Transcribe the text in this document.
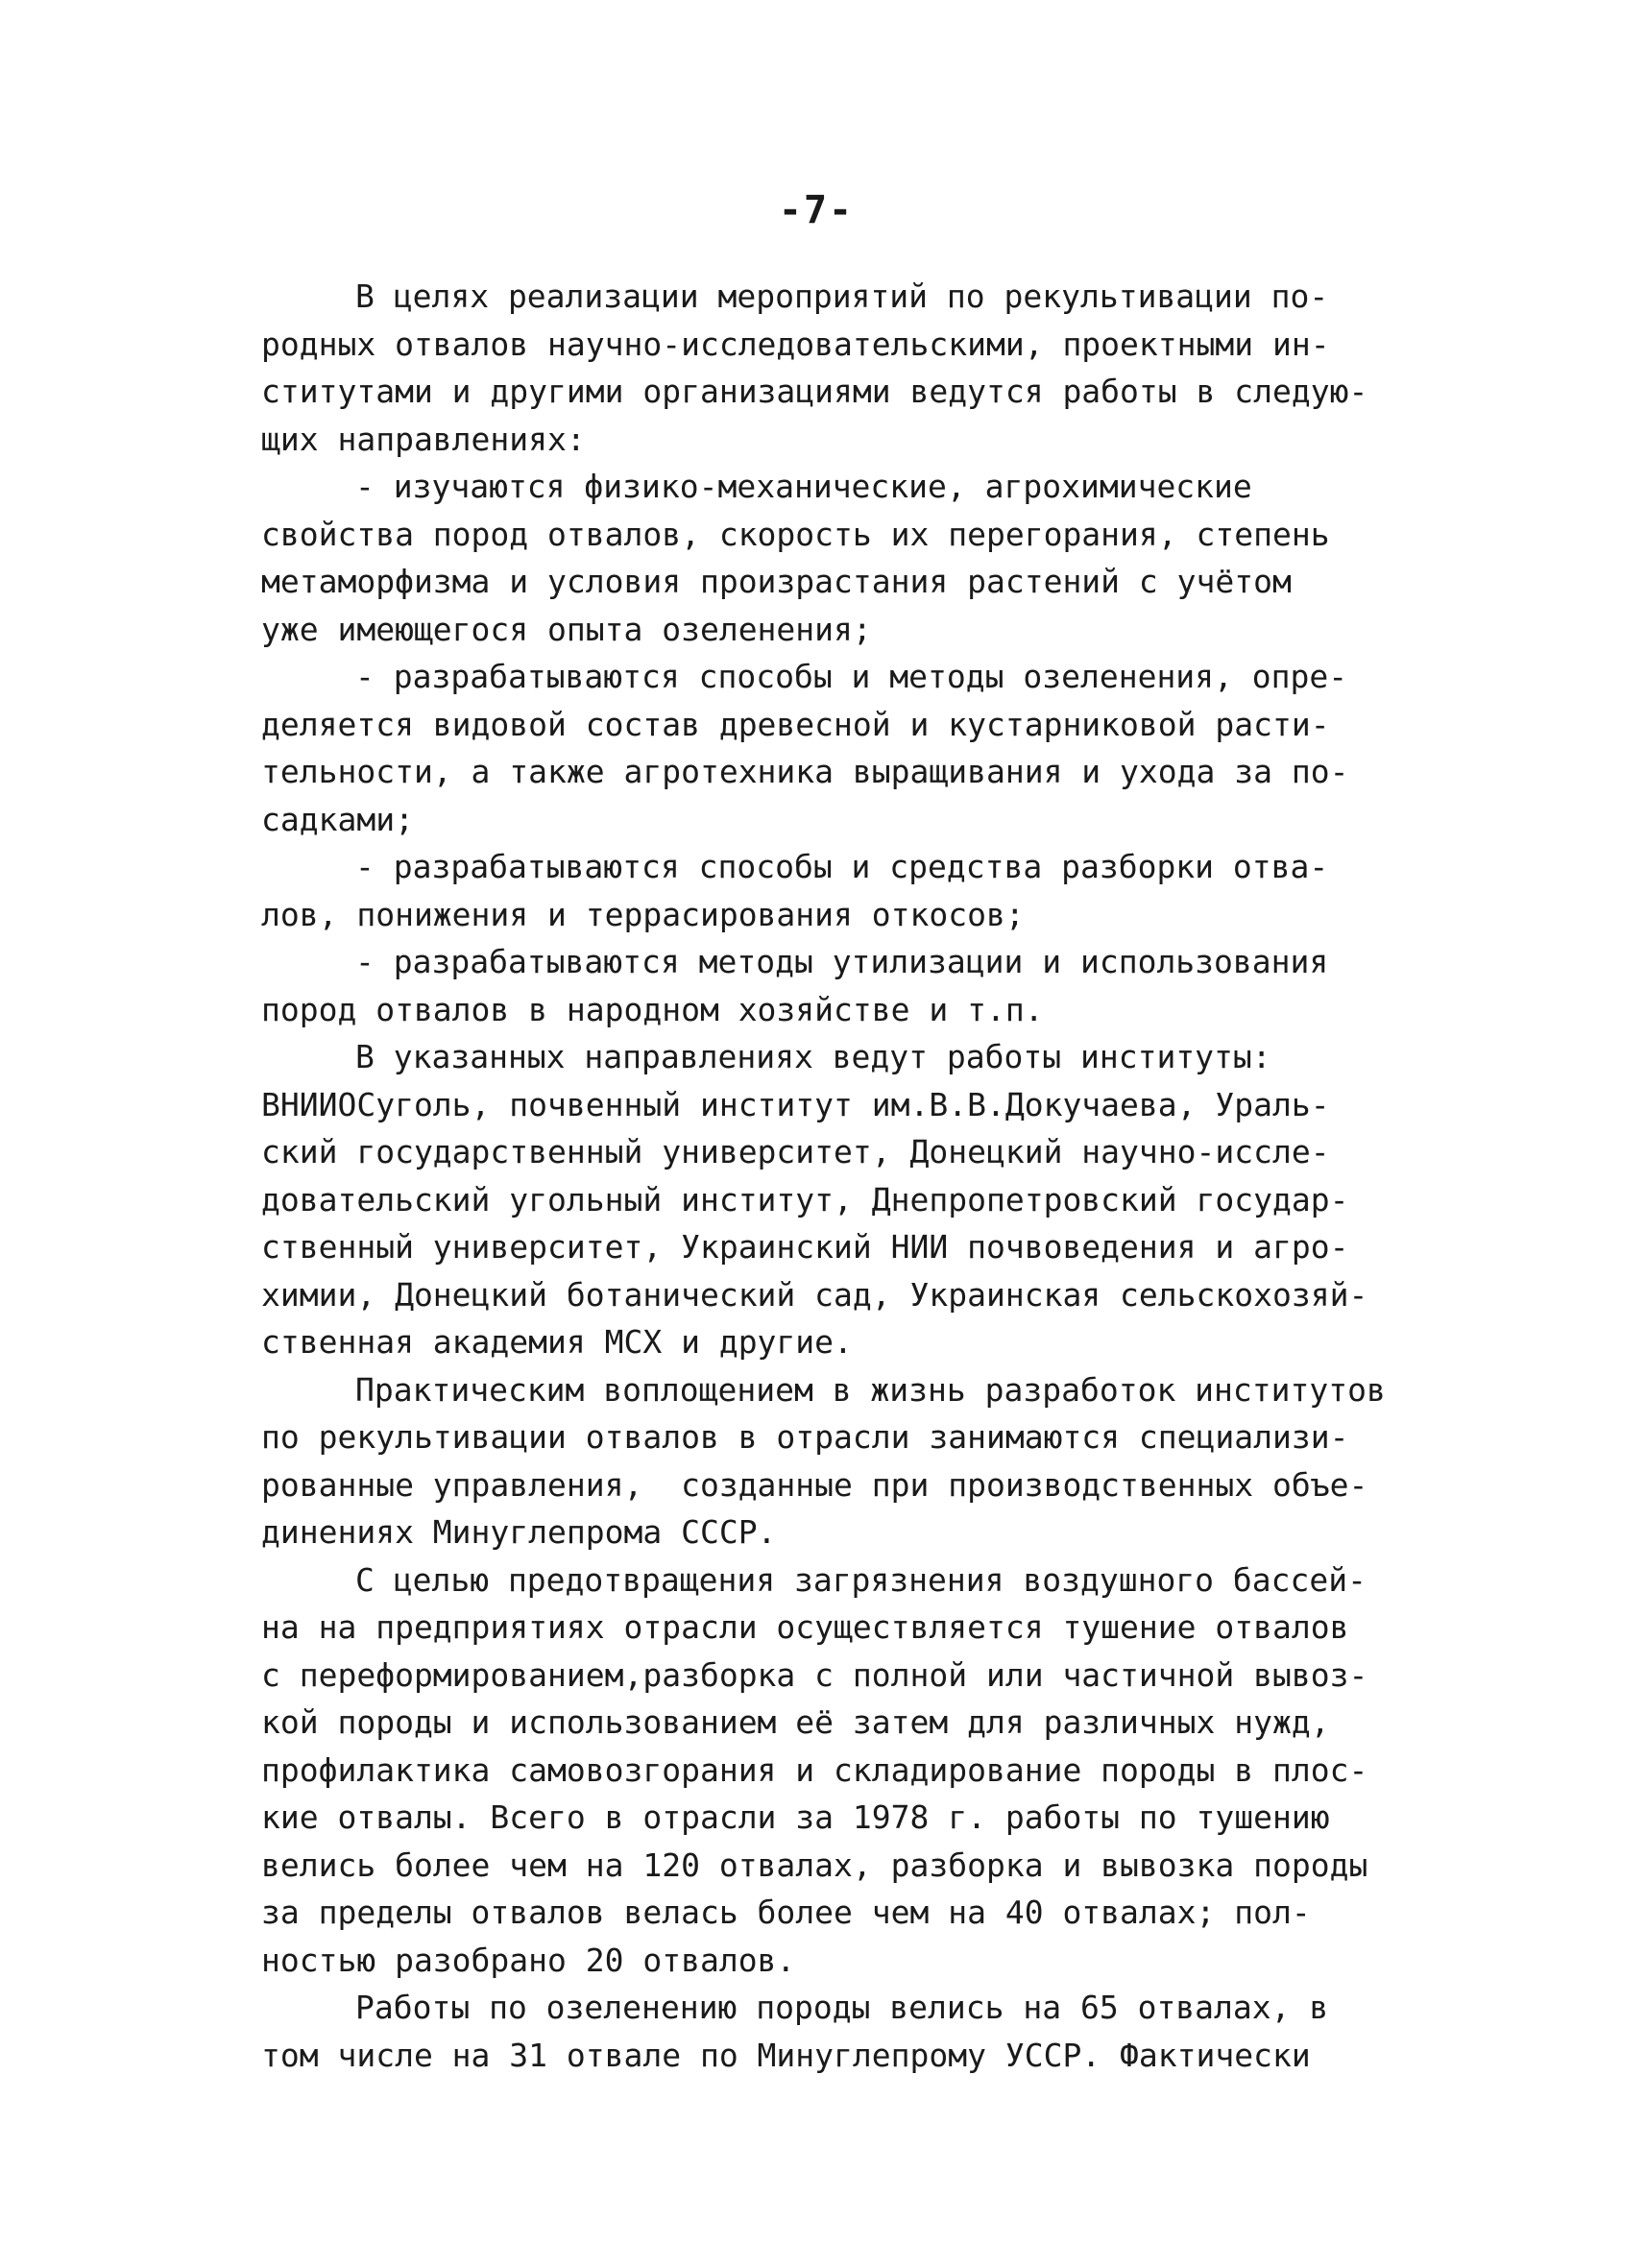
-7-
В целях реализации мероприятий по рекультивации по-
родных отвалов научно-исследовательскими, проектными ин-
ститутами и другими организациями ведутся работы в следую-
щих направлениях:
- изучаются физико-механические, агрохимические
свойства пород отвалов, скорость их перегорания, степень
метаморфизма и условия произрастания растений с учётом
уже имеющегося опыта озеленения;
- разрабатываются способы и методы озеленения, опре-
деляется видовой состав древесной и кустарниковой расти-
тельности, а также агротехника выращивания и ухода за по-
садками;
- разрабатываются способы и средства разборки отва-
лов, понижения и террасирования откосов;
- разрабатываются методы утилизации и использования
пород отвалов в народном хозяйстве и т.п.
В указанных направлениях ведут работы институты:
ВНИИОСуголь, почвенный институт им.В.В.Докучаева, Ураль-
ский государственный университет, Донецкий научно-иссле-
довательский угольный институт, Днепропетровский государ-
ственный университет, Украинский НИИ почвоведения и агро-
химии, Донецкий ботанический сад, Украинская сельскохозяй-
ственная академия МСХ и другие.
Практическим воплощением в жизнь разработок институтов
по рекультивации отвалов в отрасли занимаются специализи-
рованные управления,  созданные при производственных объе-
динениях Минуглепрома СССР.
С целью предотвращения загрязнения воздушного бассей-
на на предприятиях отрасли осуществляется тушение отвалов
с переформированием,разборка с полной или частичной вывоз-
кой породы и использованием её затем для различных нужд,
профилактика самовозгорания и складирование породы в плос-
кие отвалы. Всего в отрасли за 1978 г. работы по тушению
велись более чем на 120 отвалах, разборка и вывозка породы
за пределы отвалов велась более чем на 40 отвалах; пол-
ностью разобрано 20 отвалов.
Работы по озеленению породы велись на 65 отвалах, в
том числе на 31 отвале по Минуглепрому УССР. Фактически
